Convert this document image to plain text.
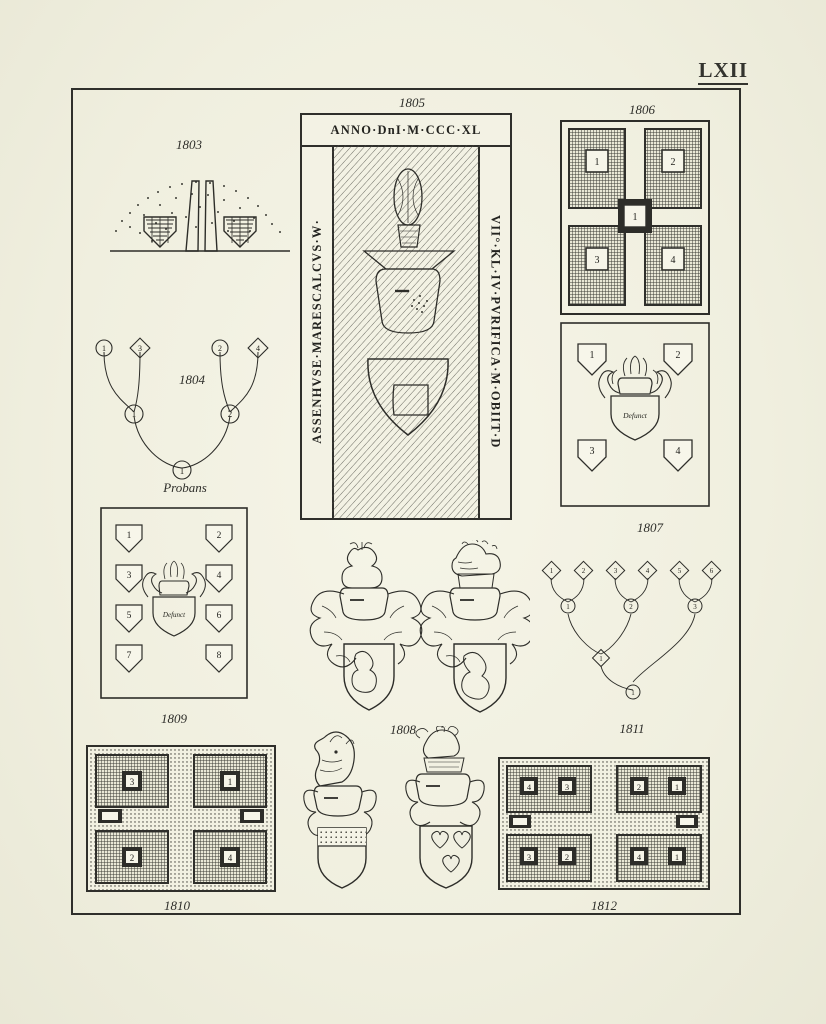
LXII
1803
1	3	2	4
1	2
1
1804
Probans
ANNO·DnI·M·CCC·XL
ASSENHVSE·MARESCALCVS·W·	VII°·KL·IV·PVRIFICA·M·OBIIT·D
1805
1	2
3	4
1
1806
1	2
3	4
Defunct
1807
1	2
3	4
5	6
7	8
Defunct
1809
1808
1	2	3	4	5	6
1	2	3
1
1
1811
3	1
2	4
1810
4	3	2	1
3	2	4	1
1812
